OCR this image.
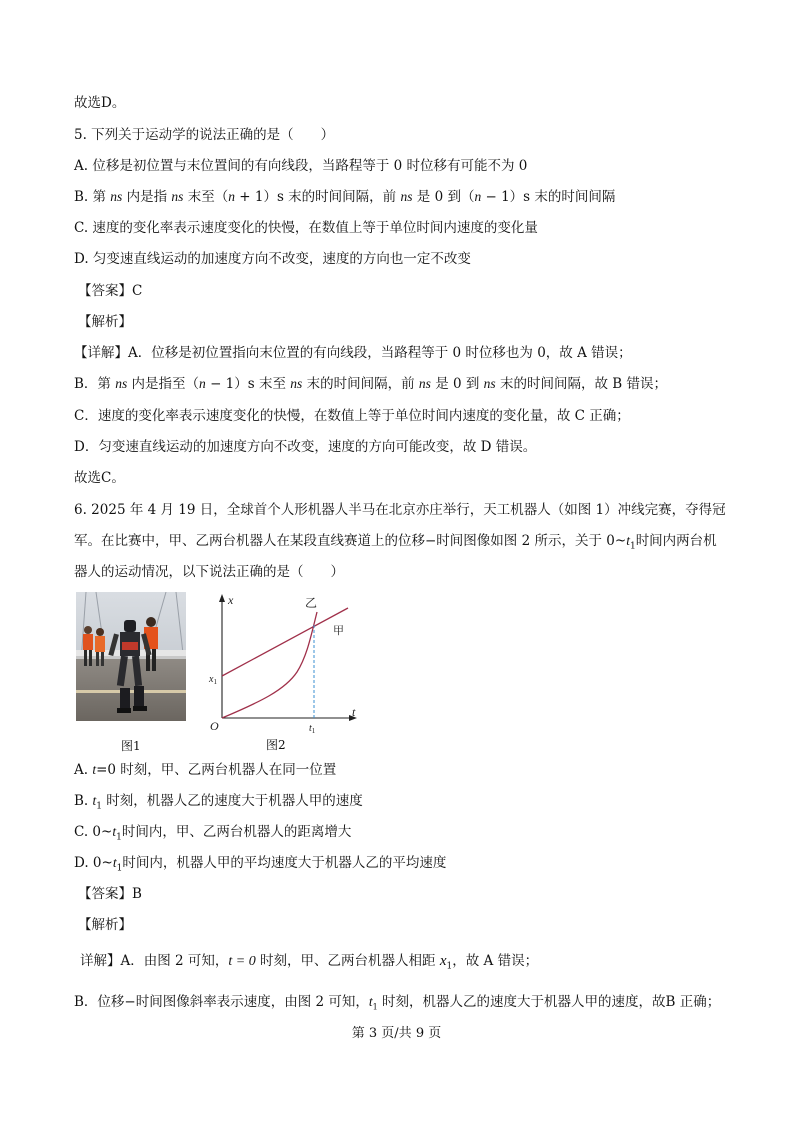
故选D。
5. 下列关于运动学的说法正确的是（　　）
A. 位移是初位置与末位置间的有向线段，当路程等于 0 时位移有可能不为 0
B. 第 ns 内是指 ns 末至（n + 1）s 末的时间间隔，前 ns 是 0 到（n − 1）s 末的时间间隔
C. 速度的变化率表示速度变化的快慢，在数值上等于单位时间内速度的变化量
D. 匀变速直线运动的加速度方向不改变，速度的方向也一定不改变
【答案】C
【解析】
【详解】A．位移是初位置指向末位置的有向线段，当路程等于 0 时位移也为 0，故 A 错误；
B．第 ns 内是指至（n − 1）s 末至 ns 末的时间间隔，前 ns 是 0 到 ns 末的时间间隔，故 B 错误；
C．速度的变化率表示速度变化的快慢，在数值上等于单位时间内速度的变化量，故 C 正确；
D．匀变速直线运动的加速度方向不改变，速度的方向可能改变，故 D 错误。
故选C。
6. 2025 年 4 月 19 日，全球首个人形机器人半马在北京亦庄举行，天工机器人（如图 1）冲线完赛，夺得冠
军。在比赛中，甲、乙两台机器人在某段直线赛道上的位移−时间图像如图 2 所示，关于 $0\sim t_1$时间内两台机
器人的运动情况，以下说法正确的是（　　）
图1
x
t
O
$x_1$
$t_1$
乙
甲
图2
A. t=0 时刻，甲、乙两台机器人在同一位置
B. $t_1$ 时刻，机器人乙的速度大于机器人甲的速度
C. $0\sim t_1$时间内，甲、乙两台机器人的距离增大
D. $0\sim t_1$时间内，机器人甲的平均速度大于机器人乙的平均速度
【答案】B
【解析】
详解】A．由图 2 可知，t = 0 时刻，甲、乙两台机器人相距 $x_1$，故 A 错误；
B．位移−时间图像斜率表示速度，由图 2 可知，$t_1$ 时刻，机器人乙的速度大于机器人甲的速度，故B 正确；
第 3 页/共 9 页
